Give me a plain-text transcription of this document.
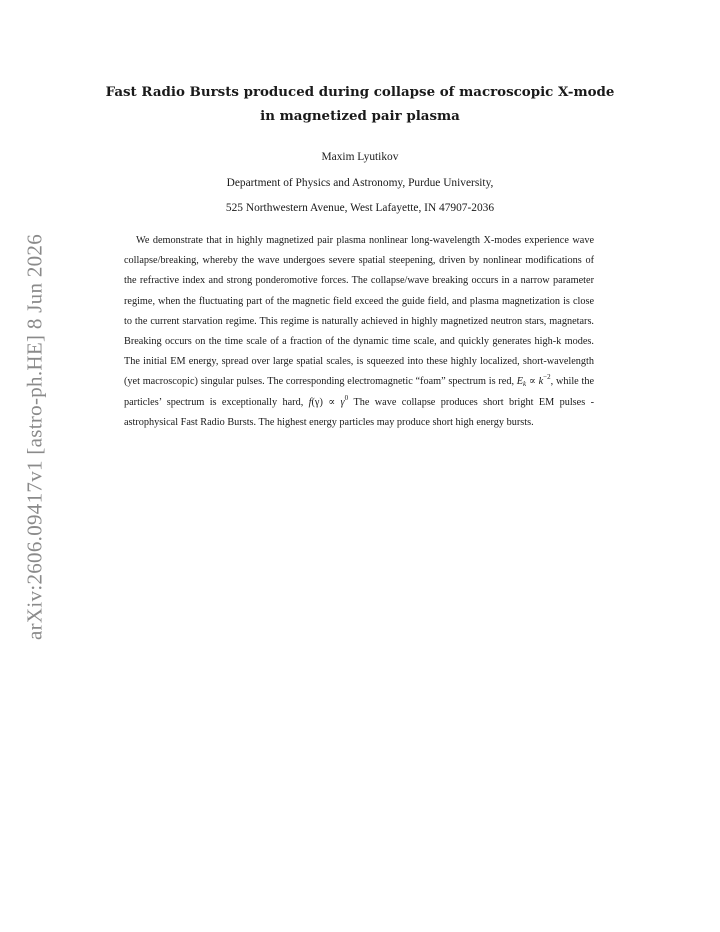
arXiv:2606.09417v1 [astro-ph.HE] 8 Jun 2026
Fast Radio Bursts produced during collapse of macroscopic X-mode in magnetized pair plasma
Maxim Lyutikov
Department of Physics and Astronomy, Purdue University,
525 Northwestern Avenue, West Lafayette, IN 47907-2036
We demonstrate that in highly magnetized pair plasma nonlinear long-wavelength X-modes experience wave collapse/breaking, whereby the wave undergoes severe spatial steepening, driven by nonlinear modifications of the refractive index and strong ponderomotive forces. The collapse/wave breaking occurs in a narrow parameter regime, when the fluctuating part of the magnetic field exceed the guide field, and plasma magnetization is close to the current starvation regime. This regime is naturally achieved in highly magnetized neutron stars, magnetars. Breaking occurs on the time scale of a fraction of the dynamic time scale, and quickly generates high-k modes. The initial EM energy, spread over large spatial scales, is squeezed into these highly localized, short-wavelength (yet macroscopic) singular pulses. The corresponding electromagnetic “foam” spectrum is red, $E_k \propto k^{-2}$, while the particles’ spectrum is exceptionally hard, $f(\gamma) \propto \gamma^0$ The wave collapse produces short bright EM pulses - astrophysical Fast Radio Bursts. The highest energy particles may produce short high energy bursts.
